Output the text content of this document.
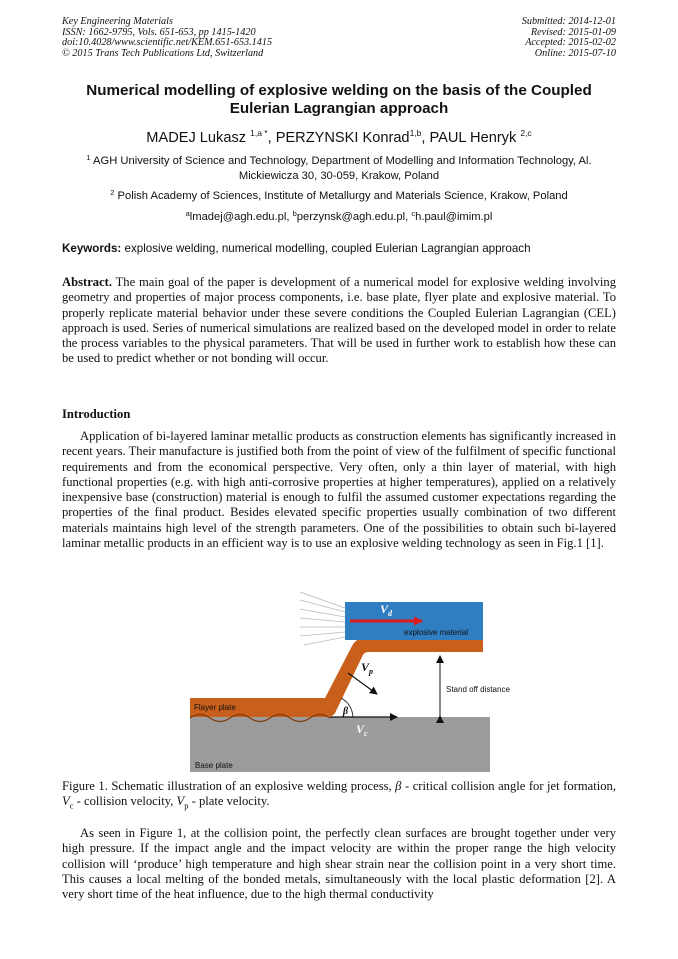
Key Engineering Materials
ISSN: 1662-9795, Vols. 651-653, pp 1415-1420
doi:10.4028/www.scientific.net/KEM.651-653.1415
© 2015 Trans Tech Publications Ltd, Switzerland
Submitted: 2014-12-01
Revised: 2015-01-09
Accepted: 2015-02-02
Online: 2015-07-10
Numerical modelling of explosive welding on the basis of the Coupled Eulerian Lagrangian approach
MADEJ Lukasz $^{1,a *}$, PERZYNSKI Konrad$^{1,b}$, PAUL Henryk $^{2,c}$
$^1$ AGH University of Science and Technology, Department of Modelling and Information Technology, Al. Mickiewicza 30, 30-059, Krakow, Poland
$^2$ Polish Academy of Sciences, Institute of Metallurgy and Materials Science, Krakow, Poland
$^a$lmadej@agh.edu.pl, $^b$perzynsk@agh.edu.pl, $^c$h.paul@imim.pl
Keywords: explosive welding, numerical modelling, coupled Eulerian Lagrangian approach
Abstract. The main goal of the paper is development of a numerical model for explosive welding involving geometry and properties of major process components, i.e. base plate, flyer plate and explosive material. To properly replicate material behavior under these severe conditions the Coupled Eulerian Lagrangian (CEL) approach is used. Series of numerical simulations are realized based on the developed model in order to relate the process variables to the physical parameters. That will be used in further work to establish how these can be used to predict whether or not bonding will occur.
Introduction
Application of bi-layered laminar metallic products as construction elements has significantly increased in recent years. Their manufacture is justified both from the point of view of the fulfilment of specific functional requirements and from the economical perspective. Very often, only a thin layer of material, with high functional properties (e.g. with high anti-corrosive properties at higher temperatures), applied on a relatively inexpensive base (construction) material is enough to fulfil the assumed customer expectations regarding the properties of the final product. Besides elevated specific properties usually combination of two different materials maintains high level of the strength parameters. One of the possibilities to obtain such bi-layered laminar metallic products in an efficient way is to use an explosive welding technology as seen in Fig.1 [1].
$V_d$
explosive material
$V_p$
Stand off distance
Flayer plate	β
$V_c$
Base plate
Figure 1. Schematic illustration of an explosive welding process, β - critical collision angle for jet formation, $V_c$ - collision velocity, $V_p$ - plate velocity.
As seen in Figure 1, at the collision point, the perfectly clean surfaces are brought together under very high pressure. If the impact angle and the impact velocity are within the proper range the high velocity collision will ‘produce’ high temperature and high shear strain near the collision point in a very short time. This causes a local melting of the bonded metals, simultaneously with the local plastic deformation [2]. A very short time of the heat influence, due to the high thermal conductivity
